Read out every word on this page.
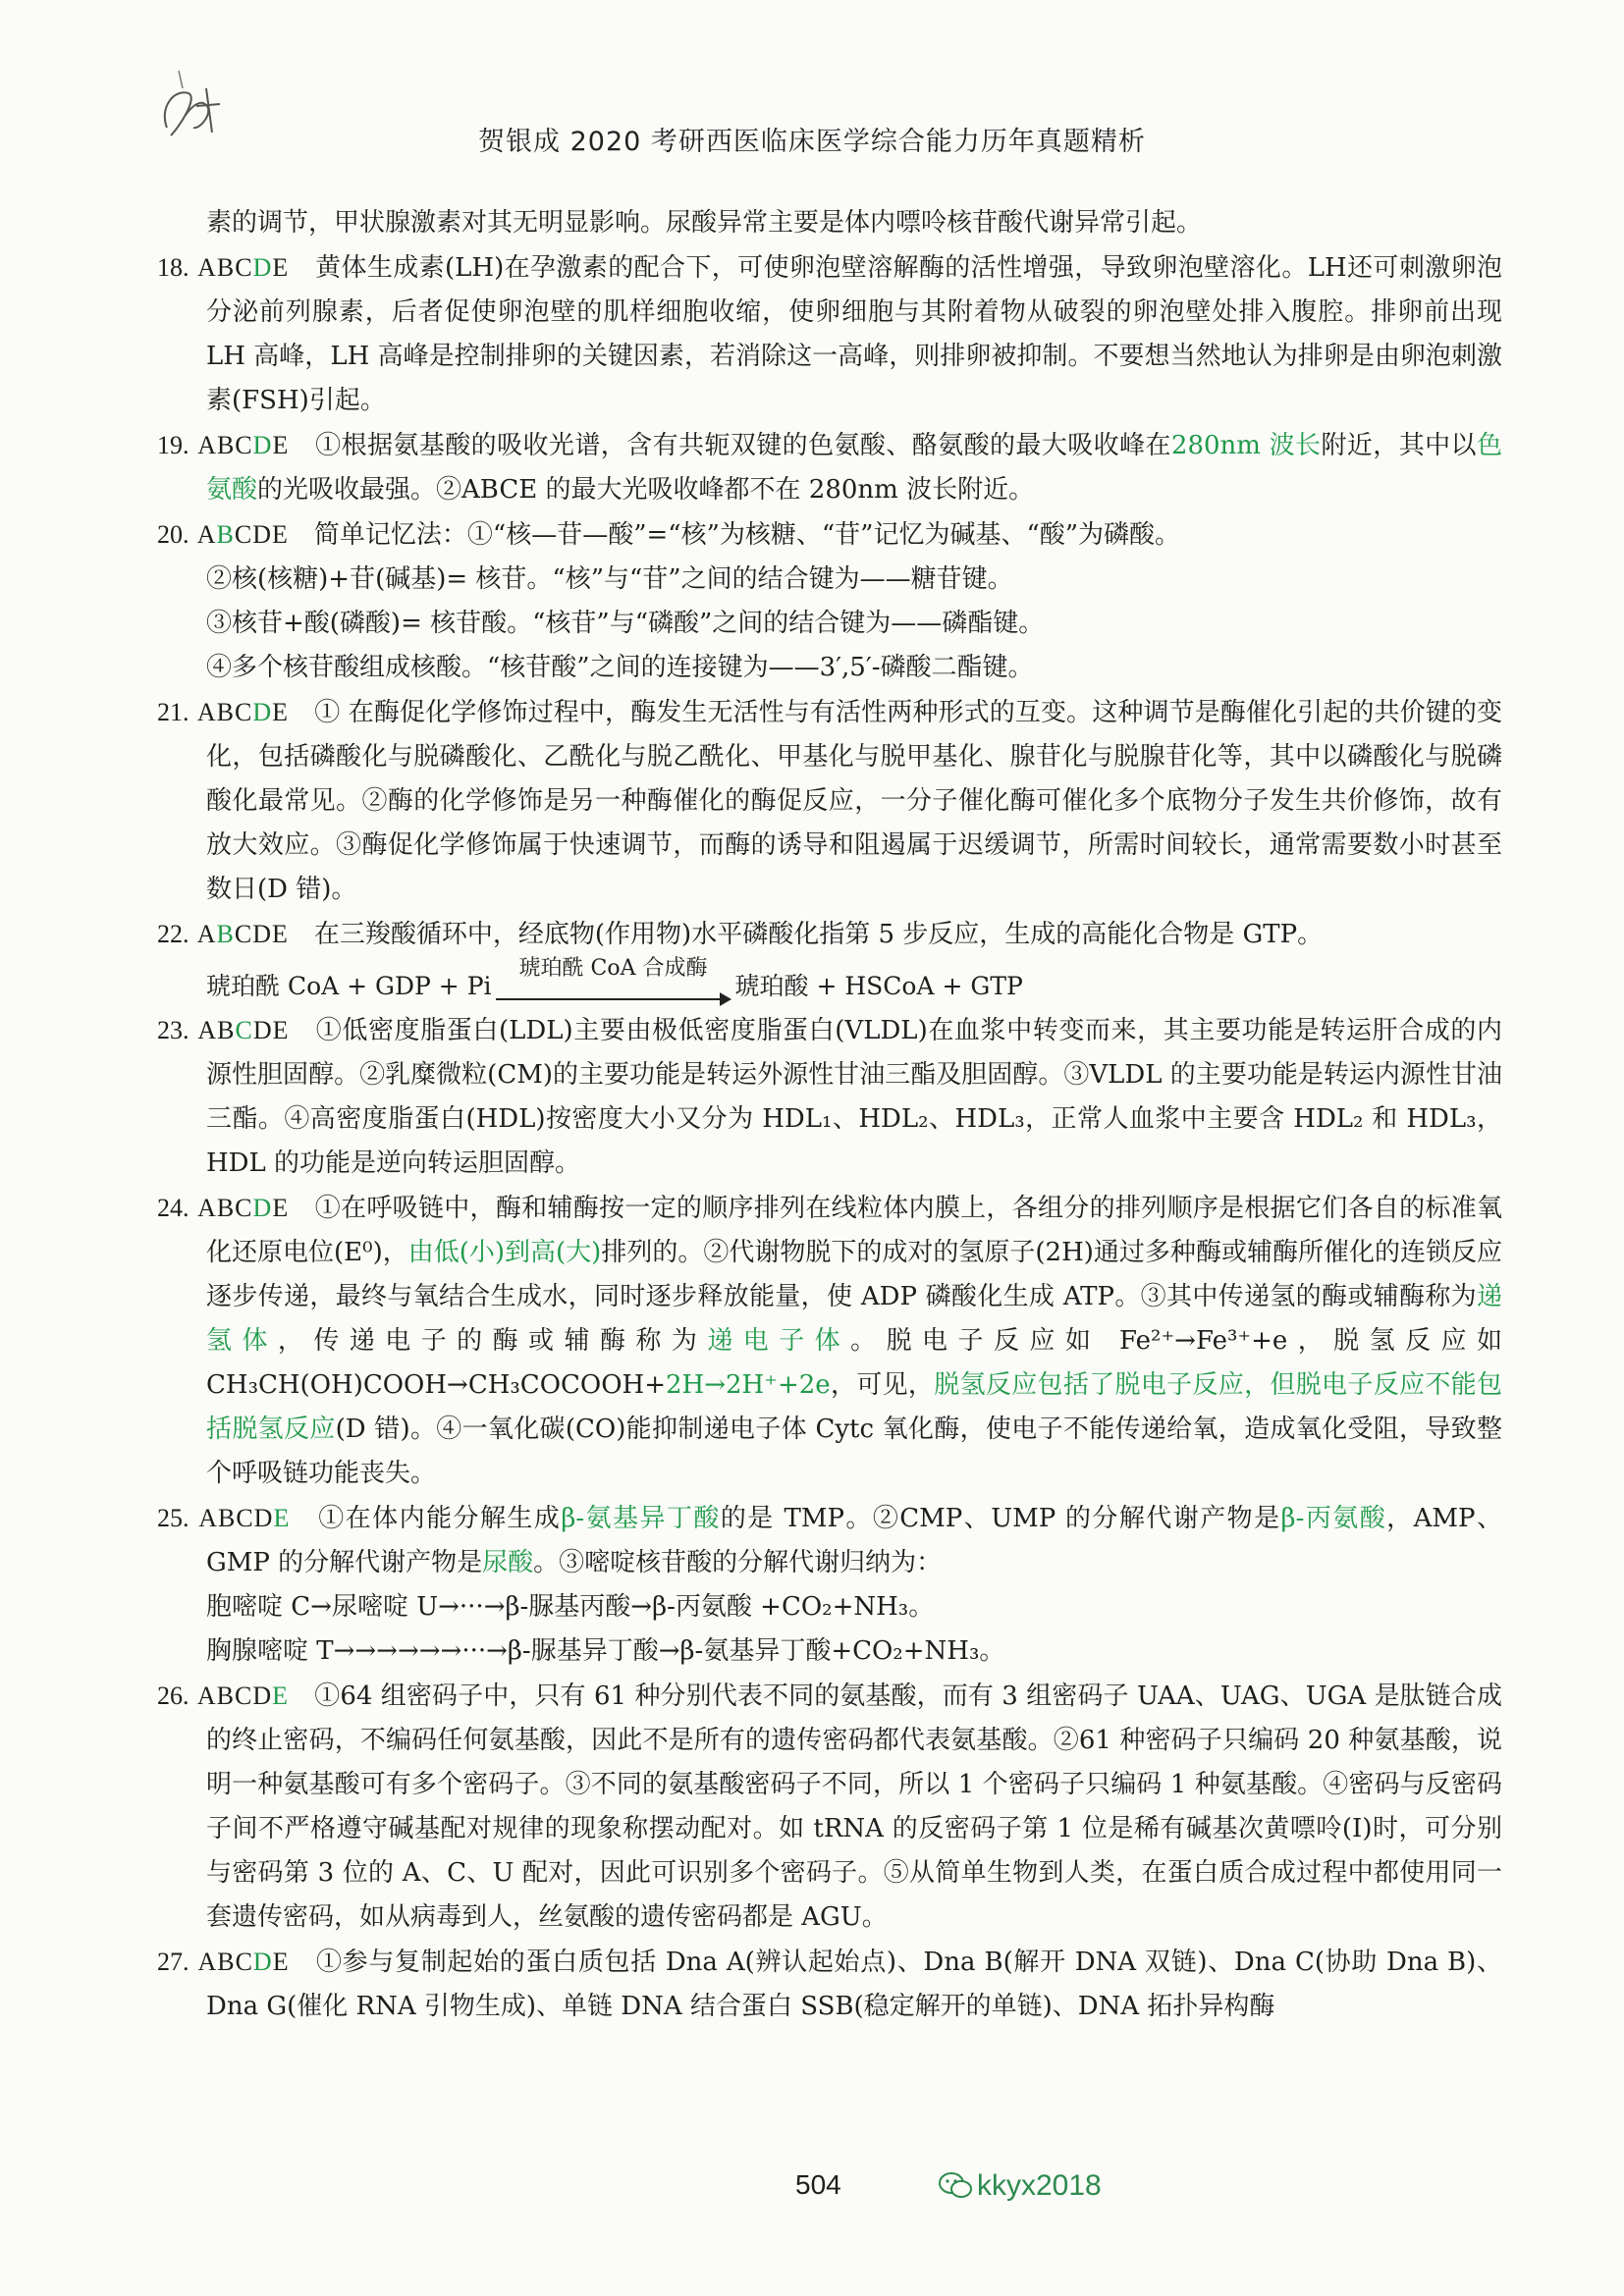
贺银成 2020 考研西医临床医学综合能力历年真题精析

素的调节，甲状腺激素对其无明显影响。尿酸异常主要是体内嘌呤核苷酸代谢异常引起。

18. ABCDE　 黄体生成素(LH)在孕激素的配合下，可使卵泡壁溶解酶的活性增强，导致卵泡壁溶化。LH还可刺激卵泡分泌前列腺素，后者促使卵泡壁的肌样细胞收缩，使卵细胞与其附着物从破裂的卵泡壁处排入腹腔。排卵前出现 LH 高峰，LH 高峰是控制排卵的关键因素，若消除这一高峰，则排卵被抑制。不要想当然地认为排卵是由卵泡刺激素(FSH)引起。

19. ABCDE　 ①根据氨基酸的吸收光谱，含有共轭双键的色氨酸、酪氨酸的最大吸收峰在280nm 波长附近，其中以色氨酸的光吸收最强。②ABCE 的最大光吸收峰都不在 280nm 波长附近。

20. ABCDE　 简单记忆法：①“核—苷—酸”=“核”为核糖、“苷”记忆为碱基、“酸”为磷酸。

②核(核糖)+苷(碱基)= 核苷。“核”与“苷”之间的结合键为——糖苷键。

③核苷+酸(磷酸)= 核苷酸。“核苷”与“磷酸”之间的结合键为——磷酯键。

④多个核苷酸组成核酸。“核苷酸”之间的连接键为——3′,5′-磷酸二酯键。

21. ABCDE　 ① 在酶促化学修饰过程中，酶发生无活性与有活性两种形式的互变。这种调节是酶催化引起的共价键的变化，包括磷酸化与脱磷酸化、乙酰化与脱乙酰化、甲基化与脱甲基化、腺苷化与脱腺苷化等，其中以磷酸化与脱磷酸化最常见。②酶的化学修饰是另一种酶催化的酶促反应，一分子催化酶可催化多个底物分子发生共价修饰，故有放大效应。③酶促化学修饰属于快速调节，而酶的诱导和阻遏属于迟缓调节，所需时间较长，通常需要数小时甚至数日(D 错)。

22. ABCDE　 在三羧酸循环中，经底物(作用物)水平磷酸化指第 5 步反应，生成的高能化合物是 GTP。

琥珀酰 CoA + GDP + Pi
琥珀酰 CoA 合成酶
琥珀酸 + HSCoA + GTP

23. ABCDE　 ①低密度脂蛋白(LDL)主要由极低密度脂蛋白(VLDL)在血浆中转变而来，其主要功能是转运肝合成的内源性胆固醇。②乳糜微粒(CM)的主要功能是转运外源性甘油三酯及胆固醇。③VLDL 的主要功能是转运内源性甘油三酯。④高密度脂蛋白(HDL)按密度大小又分为 HDL₁、HDL₂、HDL₃，正常人血浆中主要含 HDL₂ 和 HDL₃，HDL 的功能是逆向转运胆固醇。

24. ABCDE　 ①在呼吸链中，酶和辅酶按一定的顺序排列在线粒体内膜上，各组分的排列顺序是根据它们各自的标准氧化还原电位(E⁰)，由低(小)到高(大)排列的。②代谢物脱下的成对的氢原子(2H)通过多种酶或辅酶所催化的连锁反应逐步传递，最终与氧结合生成水，同时逐步释放能量，使 ADP 磷酸化生成 ATP。③其中传递氢的酶或辅酶称为递氢体，传递电子的酶或辅酶称为递电子体。脱电子反应如 Fe²⁺→Fe³⁺+e，脱氢反应如 CH₃CH(OH)COOH→CH₃COCOOH+2H→2H⁺+2e，可见，脱氢反应包括了脱电子反应，但脱电子反应不能包括脱氢反应(D 错)。④一氧化碳(CO)能抑制递电子体 Cytc 氧化酶，使电子不能传递给氧，造成氧化受阻，导致整个呼吸链功能丧失。

25. ABCDE　 ①在体内能分解生成β-氨基异丁酸的是 TMP。②CMP、UMP 的分解代谢产物是β-丙氨酸，AMP、GMP 的分解代谢产物是尿酸。③嘧啶核苷酸的分解代谢归纳为：

胞嘧啶 C→尿嘧啶 U→···→β-脲基丙酸→β-丙氨酸 +CO₂+NH₃。

胸腺嘧啶 T→→→→→→···→β-脲基异丁酸→β-氨基异丁酸+CO₂+NH₃。

26. ABCDE　 ①64 组密码子中，只有 61 种分别代表不同的氨基酸，而有 3 组密码子 UAA、UAG、UGA 是肽链合成的终止密码，不编码任何氨基酸，因此不是所有的遗传密码都代表氨基酸。②61 种密码子只编码 20 种氨基酸，说明一种氨基酸可有多个密码子。③不同的氨基酸密码子不同，所以 1 个密码子只编码 1 种氨基酸。④密码与反密码子间不严格遵守碱基配对规律的现象称摆动配对。如 tRNA 的反密码子第 1 位是稀有碱基次黄嘌呤(I)时，可分别与密码第 3 位的 A、C、U 配对，因此可识别多个密码子。⑤从简单生物到人类，在蛋白质合成过程中都使用同一套遗传密码，如从病毒到人，丝氨酸的遗传密码都是 AGU。

27. ABCDE　 ①参与复制起始的蛋白质包括 Dna A(辨认起始点)、Dna B(解开 DNA 双链)、Dna C(协助 Dna B)、Dna G(催化 RNA 引物生成)、单链 DNA 结合蛋白 SSB(稳定解开的单链)、DNA 拓扑异构酶

504	kkyx2018
